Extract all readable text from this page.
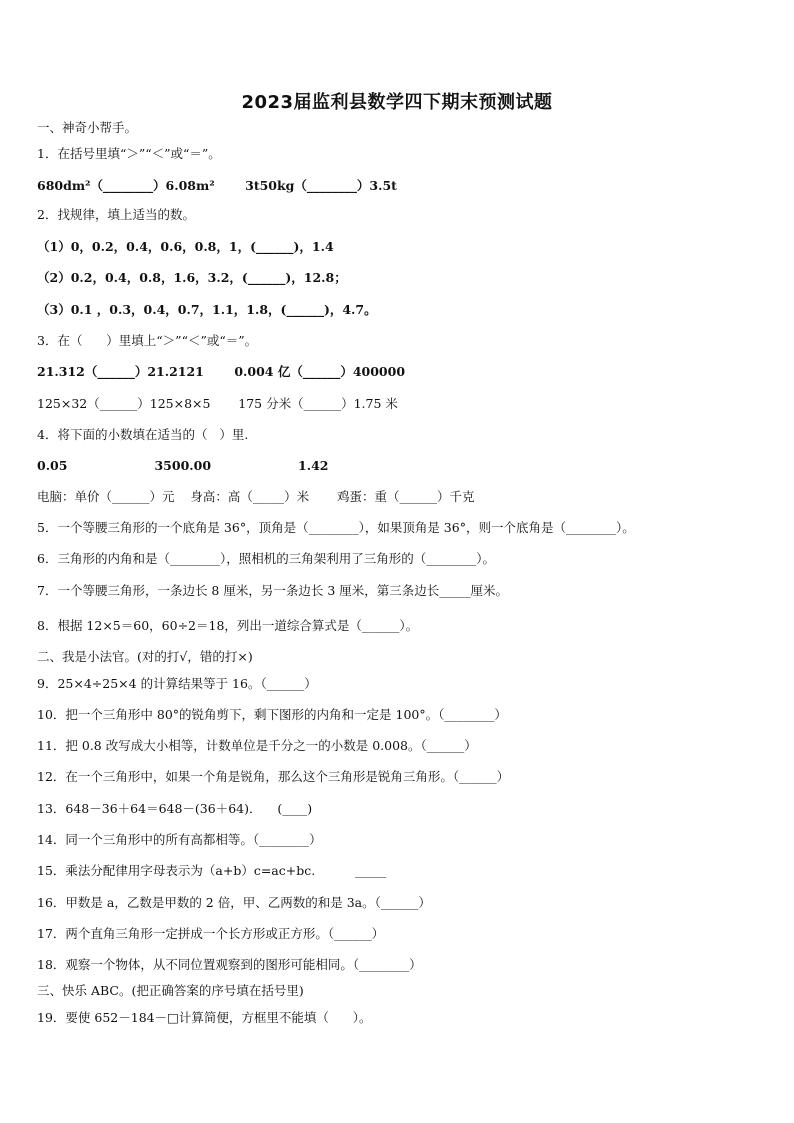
2023届监利县数学四下期末预测试题
一、神奇小帮手。
1．在括号里填“＞”“＜”或“＝”。
680dm²（________）6.08m²       3t50kg（________）3.5t
2．找规律，填上适当的数。
（1）0，0.2，0.4，0.6，0.8，1，(______)，1.4
（2）0.2，0.4，0.8，1.6，3.2，(______)，12.8；
（3）0.1 ，0.3，0.4，0.7，1.1，1.8，(______)，4.7。
3．在（      ）里填上“＞”“＜”或“＝”。
21.312（______）21.2121       0.004 亿（______）400000
125×32（______）125×8×5       175 分米（______）1.75 米
4．将下面的小数填在适当的（   ）里.
0.05                    3500.00                    1.42
电脑：单价（______）元    身高：高（_____）米       鸡蛋：重（______）千克
5．一个等腰三角形的一个底角是 36°，顶角是（________），如果顶角是 36°，则一个底角是（________）。
6．三角形的内角和是（________），照相机的三角架利用了三角形的（________）。
7．一个等腰三角形，一条边长 8 厘米，另一条边长 3 厘米，第三条边长_____厘米。
8．根据 12×5＝60，60÷2＝18，列出一道综合算式是（______）。
二、我是小法官。(对的打√，错的打×)
9．25×4÷25×4 的计算结果等于 16。（______）
10．把一个三角形中 80°的锐角剪下，剩下图形的内角和一定是 100°。（________）
11．把 0.8 改写成大小相等，计数单位是千分之一的小数是 0.008。（______）
12．在一个三角形中，如果一个角是锐角，那么这个三角形是锐角三角形。（______）
13．648－36＋64＝648－(36＋64)．    (____)
14．同一个三角形中的所有高都相等。（________）
15．乘法分配律用字母表示为（a+b）c=ac+bc.          _____
16．甲数是 a，乙数是甲数的 2 倍，甲、乙两数的和是 3a。（______）
17．两个直角三角形一定拼成一个长方形或正方形。（______）
18．观察一个物体，从不同位置观察到的图形可能相同。（________）
三、快乐 ABC。(把正确答案的序号填在括号里)
19．要使 652－184－□计算简便，方框里不能填（      ）。
